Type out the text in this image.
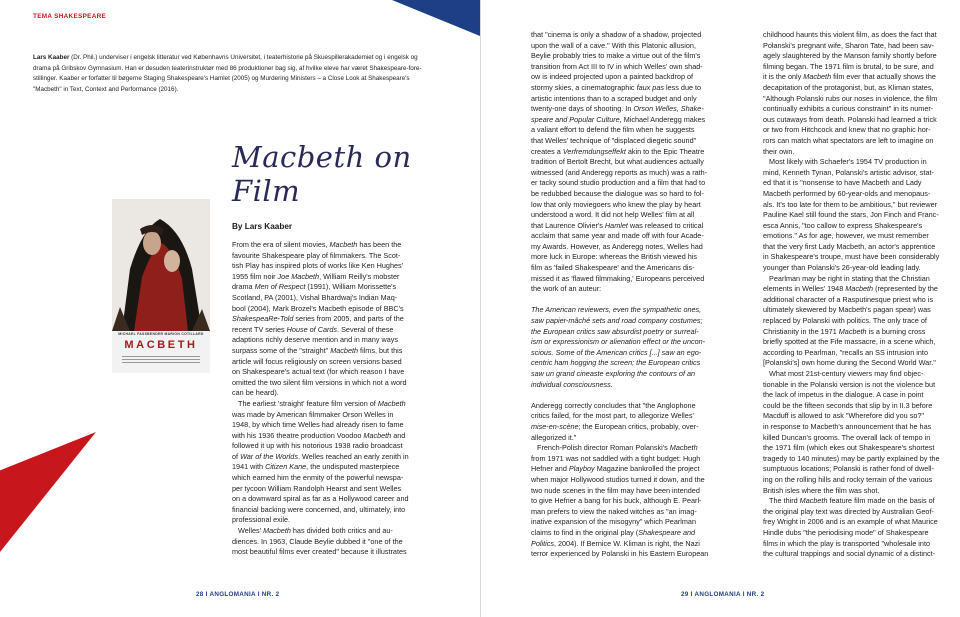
TEMA SHAKESPEARE
Lars Kaaber (Dr. Phil.) underviser i engelsk litteratur ved Københavns Universitet, i teaterhistorie på Skuespillerakademiet og i engelsk og
drama på Gribskov Gymnasium. Han er desuden teaterinstruktør med 86 produktioner bag sig, af hvilke eleve har været Shakespeare-fore-
stillinger. Kaaber er forfatter til bøgerne Staging Shakespeare's Hamlet (2005) og Murdering Ministers – a Close Look at Shakespeare's
"Macbeth" in Text, Context and Performance (2016).
Macbeth on Film
MICHAEL FASSBENDER MARION COTILLARD
MACBETH
By Lars Kaaber
From the era of silent movies, Macbeth has been the
favourite Shakespeare play of filmmakers. The Scot-
tish Play has inspired plots of works like Ken Hughes'
1955 film noir Joe Macbeth, William Reilly's mobster
drama Men of Respect (1991), William Morissette's
Scotland, PA (2001), Vishal Bhardwaj's Indian Maq-
bool (2004), Mark Brozel's Macbeth episode of BBC's
ShakespeaRe-Told series from 2005, and parts of the
recent TV series House of Cards. Several of these
adaptions richly deserve mention and in many ways
surpass some of the "straight" Macbeth films, but this
article will focus religiously on screen versions based
on Shakespeare's actual text (for which reason I have
omitted the two silent film versions in which not a word
can be heard).
The earliest 'straight' feature film version of Macbeth
was made by American filmmaker Orson Welles in
1948, by which time Welles had already risen to fame
with his 1936 theatre production Voodoo Macbeth and
followed it up with his notorious 1938 radio broadcast
of War of the Worlds. Welles reached an early zenith in
1941 with Citizen Kane, the undisputed masterpiece
which earned him the enmity of the powerful newspa-
per tycoon William Randolph Hearst and sent Welles
on a downward spiral as far as a Hollywood career and
financial backing were concerned, and, ultimately, into
professional exile.
Welles' Macbeth has divided both critics and au-
diences. In 1963, Claude Beylie dubbed it "one of the
most beautiful films ever created" because it illustrates
28 I ANGLOMANIA I NR. 2	29 I ANGLOMANIA I NR. 2
that "cinema is only a shadow of a shadow, projected
upon the wall of a cave." With this Platonic allusion,
Beylie probably tries to make a virtue out of the film's
transition from Act III to IV in which Welles' own shad-
ow is indeed projected upon a painted backdrop of
stormy skies, a cinematographic faux pas less due to
artistic intentions than to a scraped budget and only
twenty-one days of shooting. In Orson Welles, Shake-
speare and Popular Culture, Michael Anderegg makes
a valiant effort to defend the film when he suggests
that Welles' technique of "displaced diegetic sound"
creates a Verfremdungseffekt akin to the Epic Theatre
tradition of Bertolt Brecht, but what audiences actually
witnessed (and Anderegg reports as much) was a rath-
er tacky sound studio production and a film that had to
be redubbed because the dialogue was so hard to fol-
low that only moviegoers who knew the play by heart
understood a word. It did not help Welles' film at all
that Laurence Olivier's Hamlet was released to critical
acclaim that same year and made off with four Acade-
my Awards. However, as Anderegg notes, Welles had
more luck in Europe: whereas the British viewed his
film as 'failed Shakespeare' and the Americans dis-
missed it as 'flawed filmmaking,' Europeans perceived
the work of an auteur:

The American reviewers, even the sympathetic ones,
saw papier-mâché sets and road company costumes;
the European critics saw absurdist poetry or surreal-
ism or expressionism or alienation effect or the uncon-
scious. Some of the American critics [...] saw an ego-
centric ham hogging the screen; the European critics
saw un grand cineaste exploring the contours of an
individual consciousness.

Anderegg correctly concludes that "the Anglophone
critics failed, for the most part, to allegorize Welles'
mise-en-scène; the European critics, probably, over-
allegorized it."
French-Polish director Roman Polanski's Macbeth
from 1971 was not saddled with a tight budget: Hugh
Hefner and Playboy Magazine bankrolled the project
when major Hollywood studios turned it down, and the
two nude scenes in the film may have been intended
to give Hefner a bang for his buck, although E. Pearl-
man prefers to view the naked witches as "an imag-
inative expansion of the misogyny" which Pearlman
claims to find in the original play (Shakespeare and
Politics, 2004). If Bernice W. Kliman is right, the Nazi
terror experienced by Polanski in his Eastern European
childhood haunts this violent film, as does the fact that
Polanski's pregnant wife, Sharon Tate, had been sav-
agely slaughtered by the Manson family shortly before
filming began. The 1971 film is brutal, to be sure, and
it is the only Macbeth film ever that actually shows the
decapitation of the protagonist, but, as Kliman states,
"Although Polanski rubs our noses in violence, the film
continually exhibits a curious constraint" in its numer-
ous cutaways from death. Polanski had learned a trick
or two from Hitchcock and knew that no graphic hor-
rors can match what spectators are left to imagine on
their own.
Most likely with Schaefer's 1954 TV production in
mind, Kenneth Tynan, Polanski's artistic advisor, stat-
ed that it is "nonsense to have Macbeth and Lady
Macbeth performed by 60-year-olds and menopaus-
als. It's too late for them to be ambitious," but reviewer
Pauline Kael still found the stars, Jon Finch and Franc-
esca Annis, "too callow to express Shakespeare's
emotions." As for age, however, we must remember
that the very first Lady Macbeth, an actor's apprentice
in Shakespeare's troupe, must have been considerably
younger than Polanski's 26-year-old leading lady.
Pearlman may be right in stating that the Christian
elements in Welles' 1948 Macbeth (represented by the
additional character of a Rasputinesque priest who is
ultimately skewered by Macbeth's pagan spear) was
replaced by Polanski with politics. The only trace of
Christianity in the 1971 Macbeth is a burning cross
briefly spotted at the Fife massacre, in a scene which,
according to Pearlman, "recalls an SS intrusion into
[Polanski's] own home during the Second World War."
What most 21st-century viewers may find objec-
tionable in the Polanski version is not the violence but
the lack of impetus in the dialogue. A case in point
could be the fifteen seconds that slip by in II.3 before
Macduff is allowed to ask "Wherefore did you so?"
in response to Macbeth's announcement that he has
killed Duncan's grooms. The overall lack of tempo in
the 1971 film (which ekes out Shakespeare's shortest
tragedy to 140 minutes) may be partly explained by the
sumptuous locations; Polanski is rather fond of dwell-
ing on the rolling hills and rocky terrain of the various
British isles where the film was shot.
The third Macbeth feature film made on the basis of
the original play text was directed by Australian Geof-
frey Wright in 2006 and is an example of what Maurice
Hindle dubs "the periodising mode" of Shakespeare
films in which the play is transported "wholesale into
the cultural trappings and social dynamic of a distinct-
